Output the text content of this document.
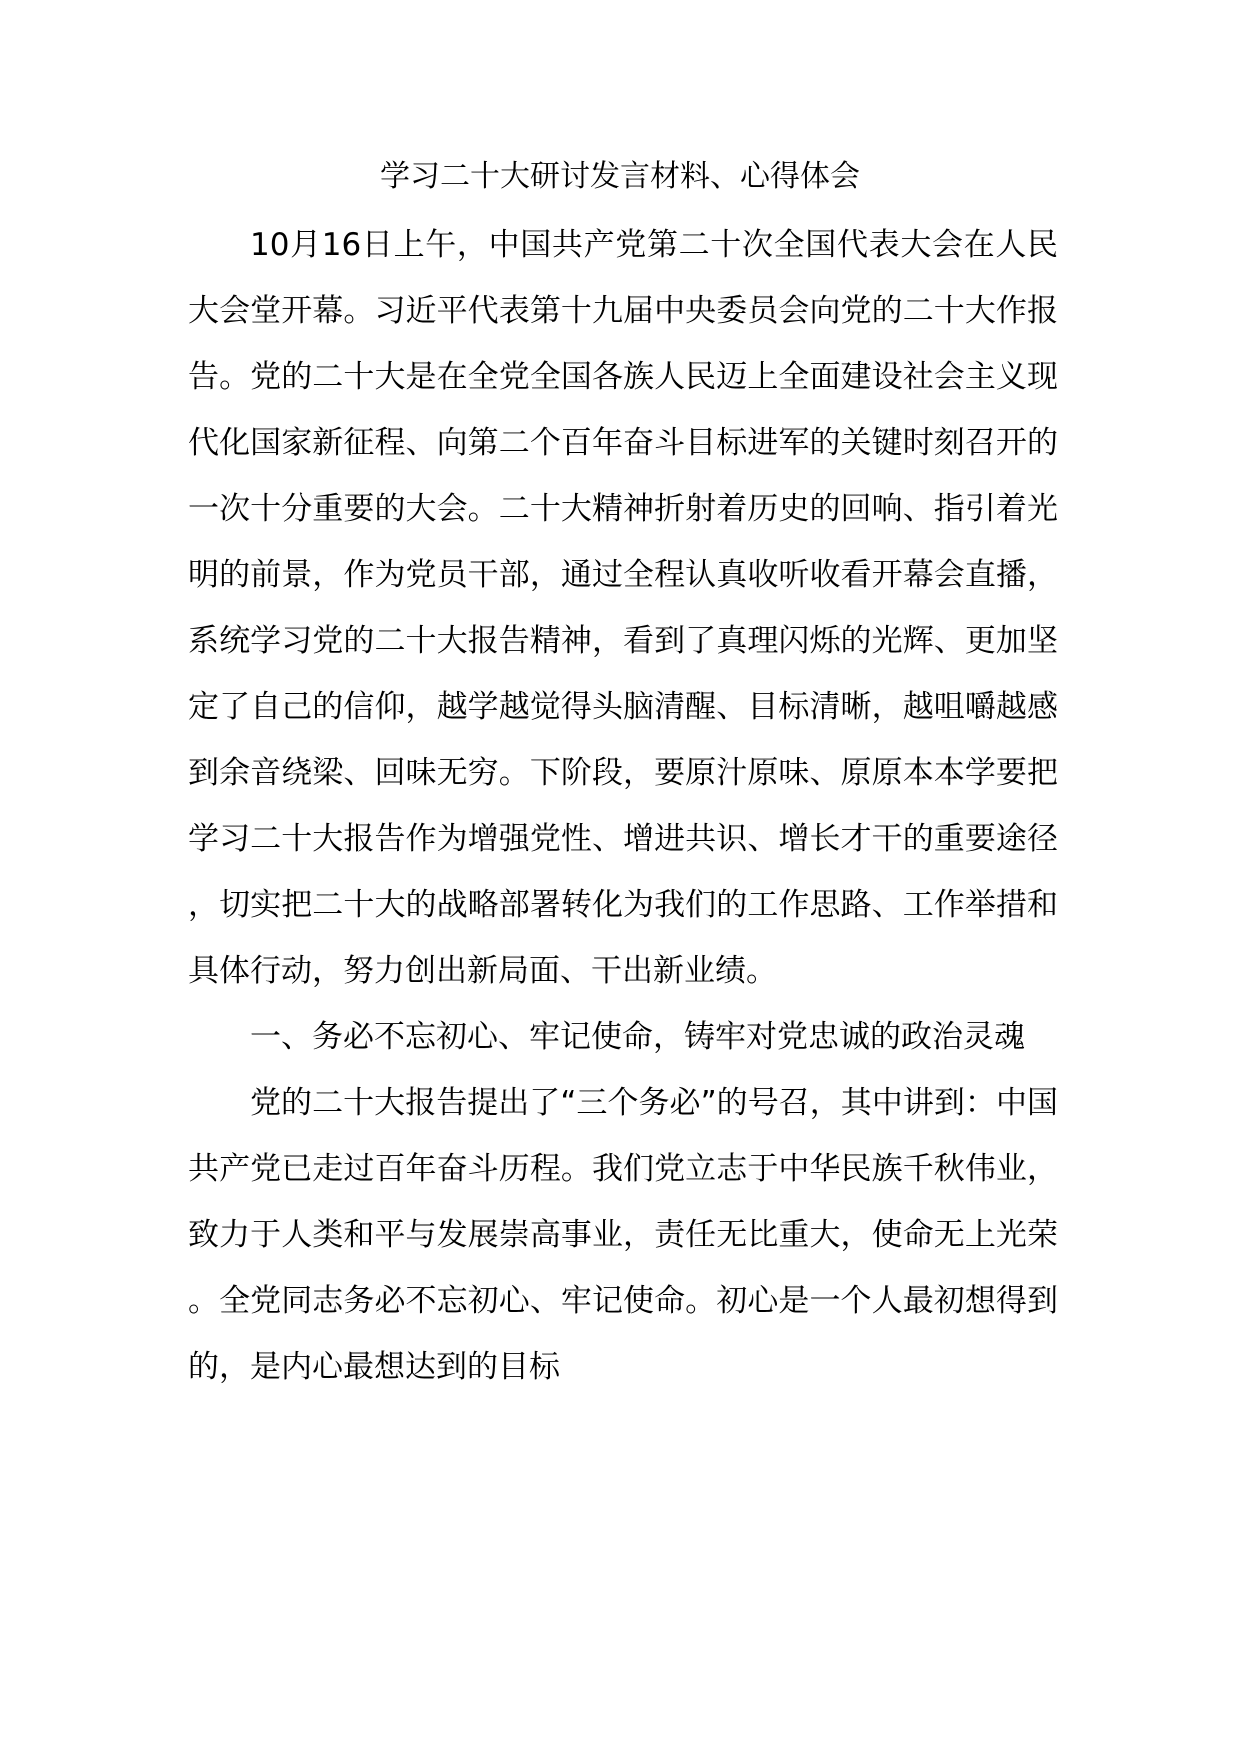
学习二十大研讨发言材料、心得体会

10月16日上午，中国共产党第二十次全国代表大会在人民大会堂开幕。习近平代表第十九届中央委员会向党的二十大作报告。党的二十大是在全党全国各族人民迈上全面建设社会主义现代化国家新征程、向第二个百年奋斗目标进军的关键时刻召开的一次十分重要的大会。二十大精神折射着历史的回响、指引着光明的前景，作为党员干部，通过全程认真收听收看开幕会直播，系统学习党的二十大报告精神，看到了真理闪烁的光辉、更加坚定了自己的信仰，越学越觉得头脑清醒、目标清晰，越咀嚼越感到余音绕梁、回味无穷。下阶段，要原汁原味、原原本本学要把学习二十大报告作为增强党性、增进共识、增长才干的重要途径，切实把二十大的战略部署转化为我们的工作思路、工作举措和具体行动，努力创出新局面、干出新业绩。

一、务必不忘初心、牢记使命，铸牢对党忠诚的政治灵魂

党的二十大报告提出了“三个务必”的号召，其中讲到：中国共产党已走过百年奋斗历程。我们党立志于中华民族千秋伟业，致力于人类和平与发展崇高事业，责任无比重大，使命无上光荣。全党同志务必不忘初心、牢记使命。初心是一个人最初想得到的，是内心最想达到的目标
